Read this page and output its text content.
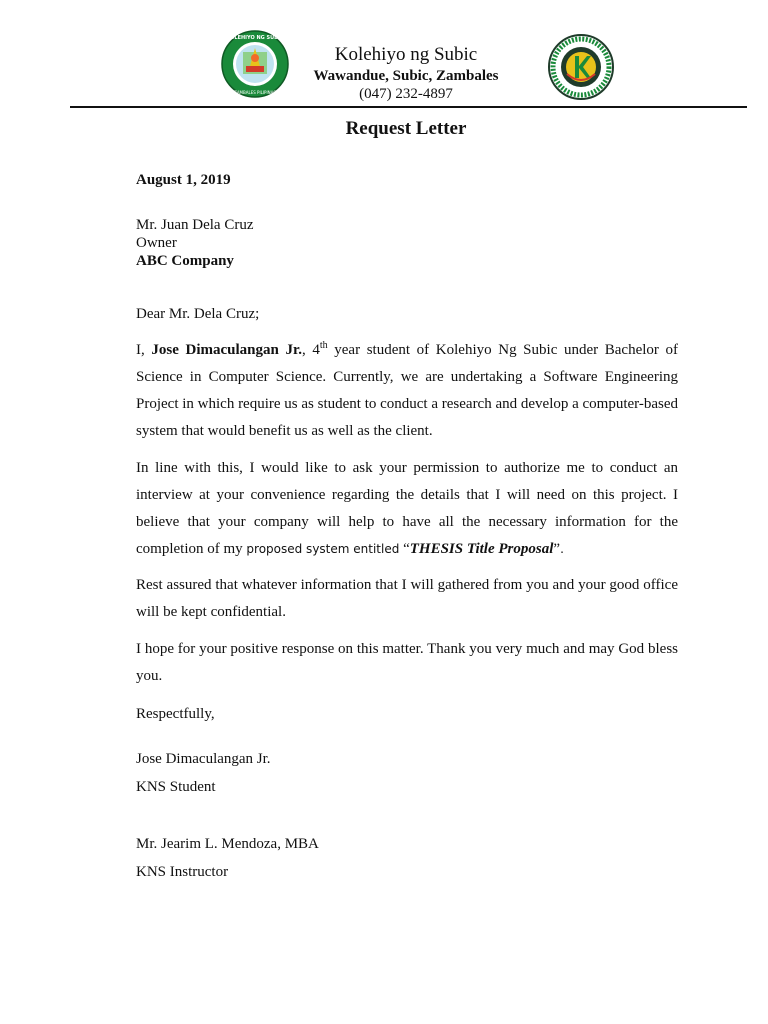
KOLEHIYO NG SUBIC
ZAMBALES PILIPINAS
Kolehiyo ng Subic
Wawandue, Subic, Zambales
(047) 232-4897
Request Letter
August 1, 2019
Mr. Juan Dela Cruz
Owner
ABC Company
Dear Mr. Dela Cruz;
I, Jose Dimaculangan Jr., 4th year student of Kolehiyo Ng Subic under Bachelor of Science in Computer Science. Currently, we are undertaking a Software Engineering Project in which require us as student to conduct a research and develop a computer-based system that would benefit us as well as the client.
In line with this, I would like to ask your permission to authorize me to conduct an interview at your convenience regarding the details that I will need on this project. I believe that your company will help to have all the necessary information for the completion of my proposed system entitled “THESIS Title Proposal”.
Rest assured that whatever information that I will gathered from you and your good office will be kept confidential.
I hope for your positive response on this matter. Thank you very much and may God bless you.
Respectfully,
Jose Dimaculangan Jr.
KNS Student
Mr. Jearim L. Mendoza, MBA
KNS Instructor
